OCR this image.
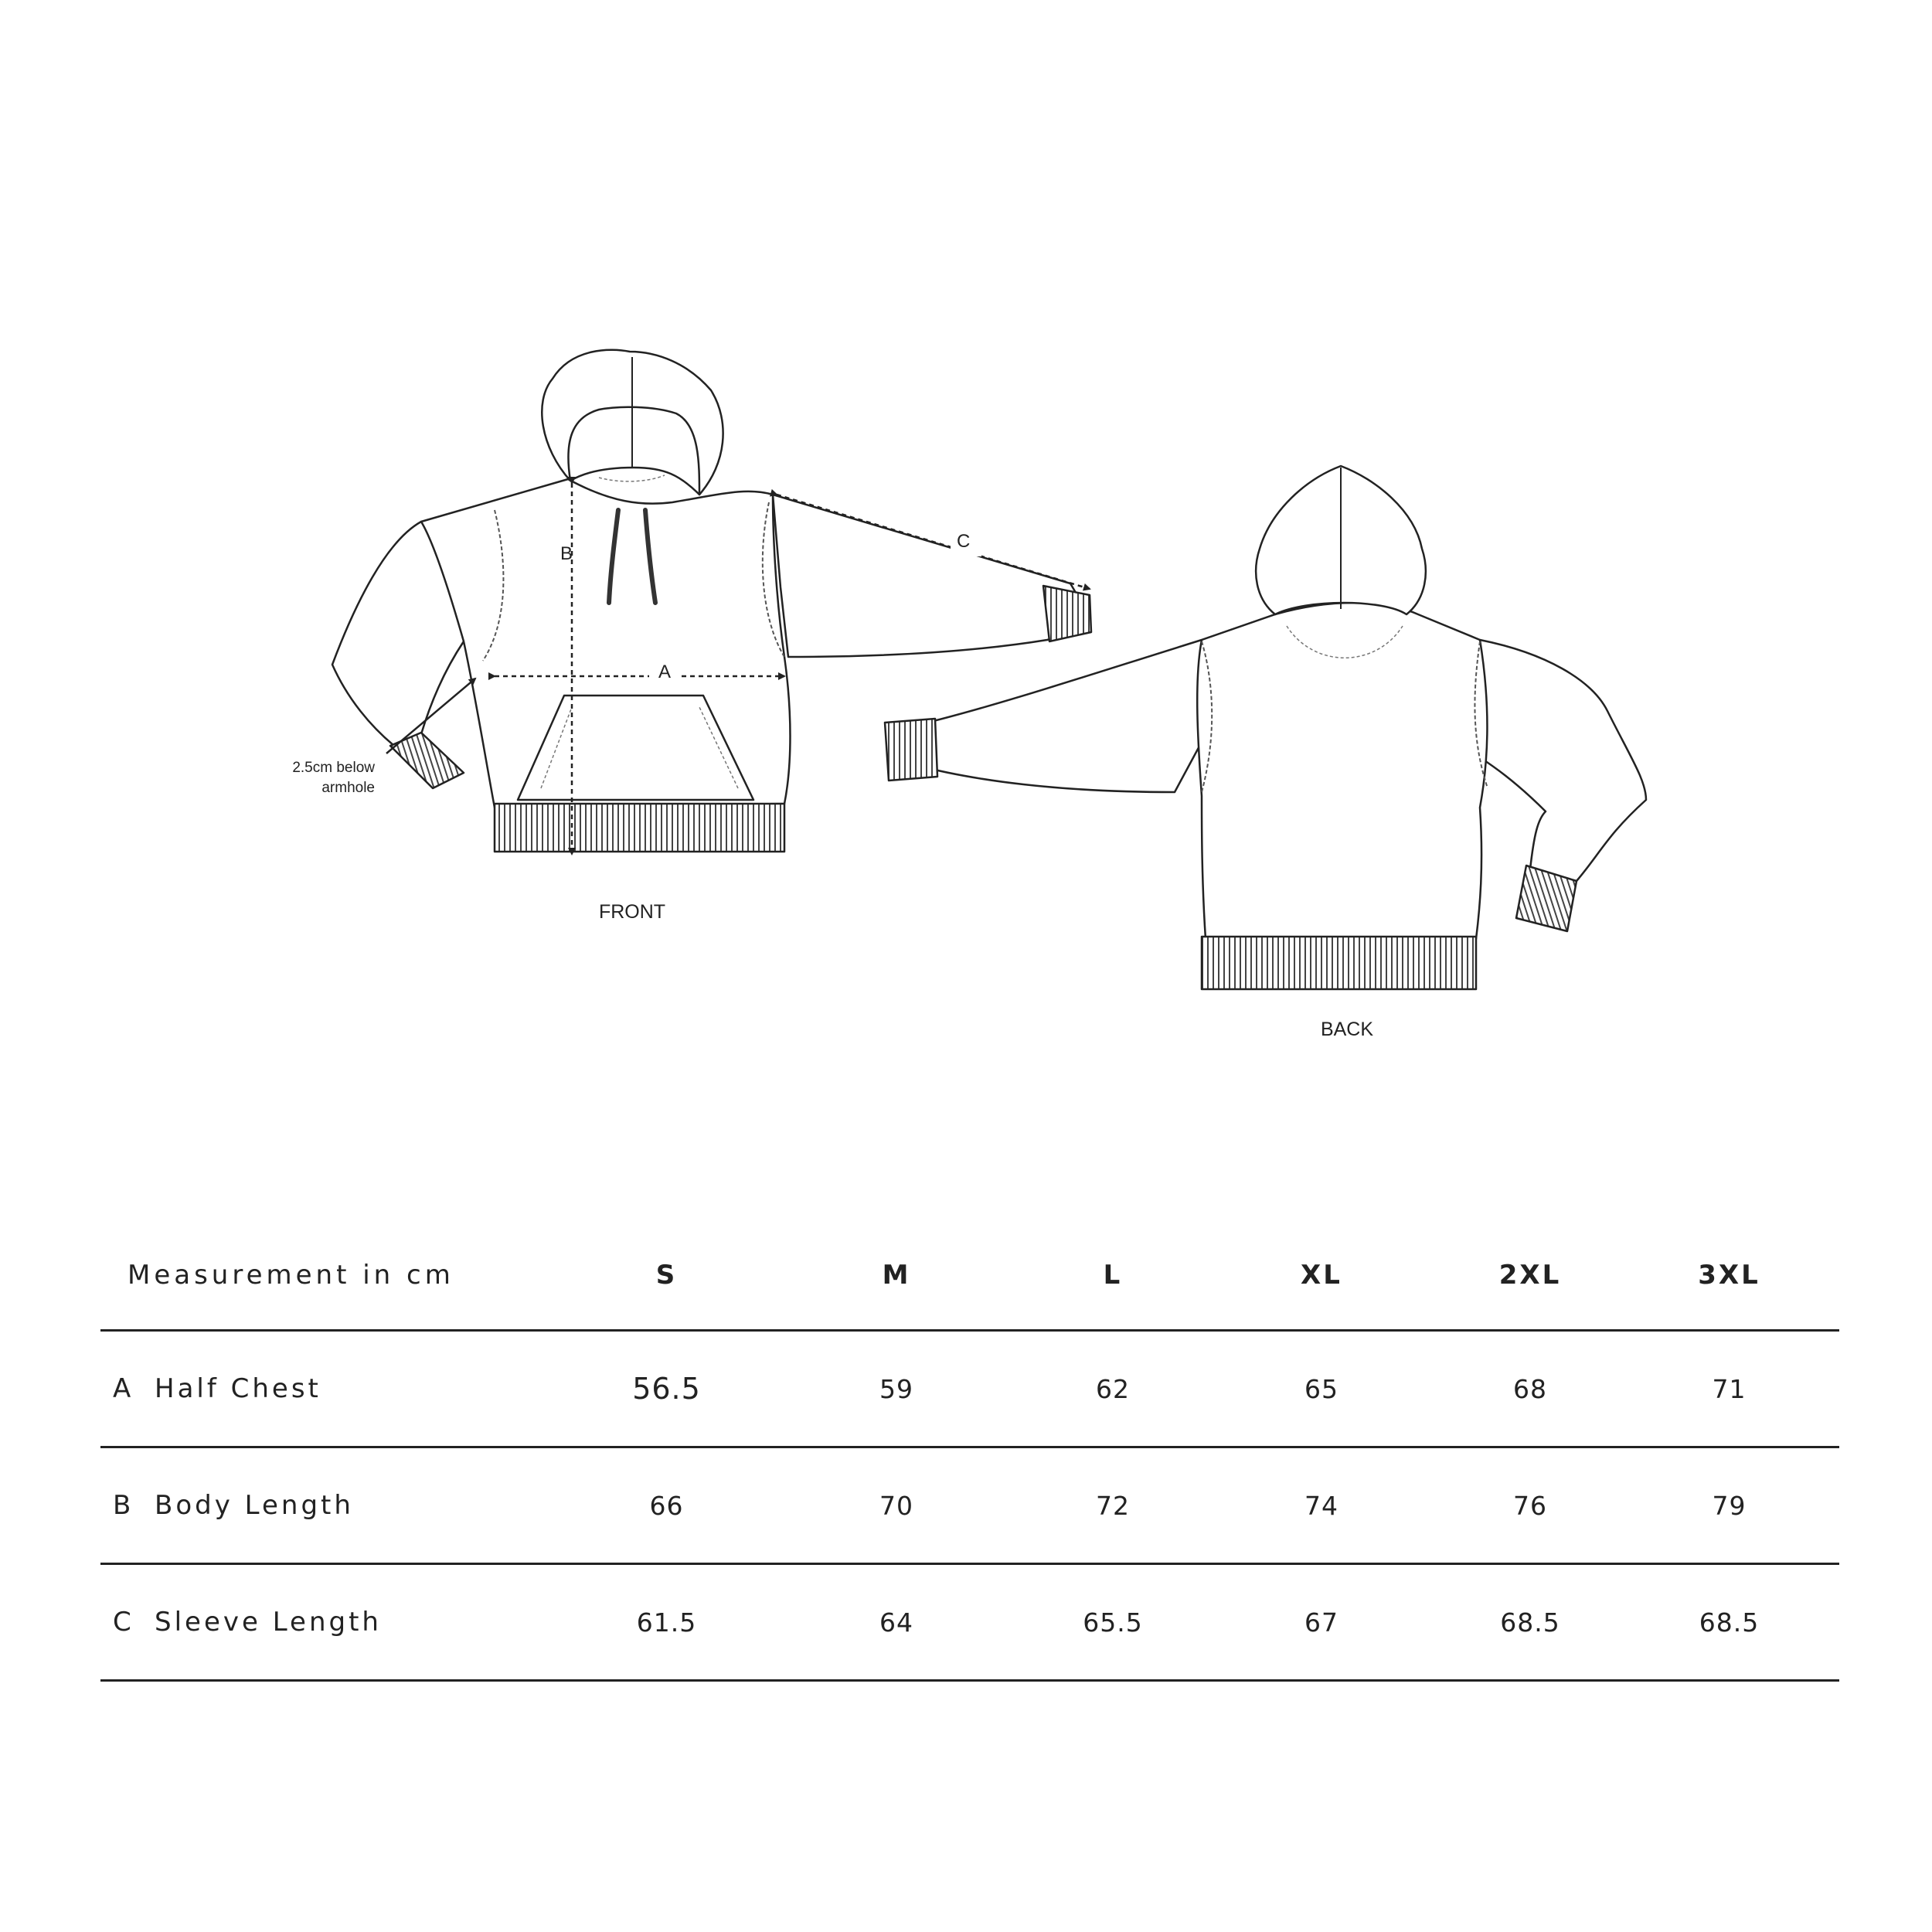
A
B
C
2.5cm below
armhole
FRONT
BACK
Measurement in cm	S	M	L	XL	2XL	3XL
A Half Chest	56.5	59	62	65	68	71
B Body Length	66	70	72	74	76	79
C Sleeve Length	61.5	64	65.5	67	68.5	68.5
